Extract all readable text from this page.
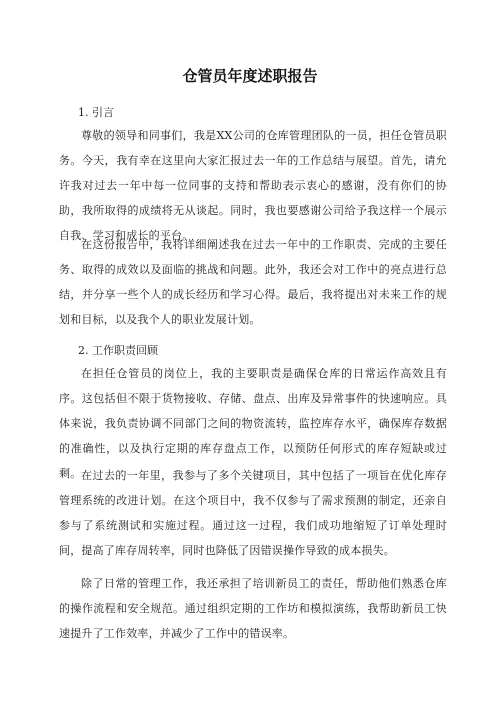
仓管员年度述职报告
1. 引言

尊敬的领导和同事们，我是XX公司的仓库管理团队的一员，担任仓管员职务。今天，我有幸在这里向大家汇报过去一年的工作总结与展望。首先，请允许我对过去一年中每一位同事的支持和帮助表示衷心的感谢，没有你们的协助，我所取得的成绩将无从谈起。同时，我也要感谢公司给予我这样一个展示自我、学习和成长的平台。

在这份报告中，我将详细阐述我在过去一年中的工作职责、完成的主要任务、取得的成效以及面临的挑战和问题。此外，我还会对工作中的亮点进行总结，并分享一些个人的成长经历和学习心得。最后，我将提出对未来工作的规划和目标，以及我个人的职业发展计划。

2. 工作职责回顾

在担任仓管员的岗位上，我的主要职责是确保仓库的日常运作高效且有序。这包括但不限于货物接收、存储、盘点、出库及异常事件的快速响应。具体来说，我负责协调不同部门之间的物资流转，监控库存水平，确保库存数据的准确性，以及执行定期的库存盘点工作，以预防任何形式的库存短缺或过剩。 在过去的一年里，我参与了多个关键项目，其中包括了一项旨在优化库存管理系统的改进计划。在这个项目中，我不仅参与了需求预测的制定，还亲自参与了系统测试和实施过程。通过这一过程，我们成功地缩短了订单处理时间，提高了库存周转率，同时也降低了因错误操作导致的成本损失。

除了日常的管理工作，我还承担了培训新员工的责任，帮助他们熟悉仓库的操作流程和安全规范。通过组织定期的工作坊和模拟演练，我帮助新员工快速提升了工作效率，并减少了工作中的错误率。
